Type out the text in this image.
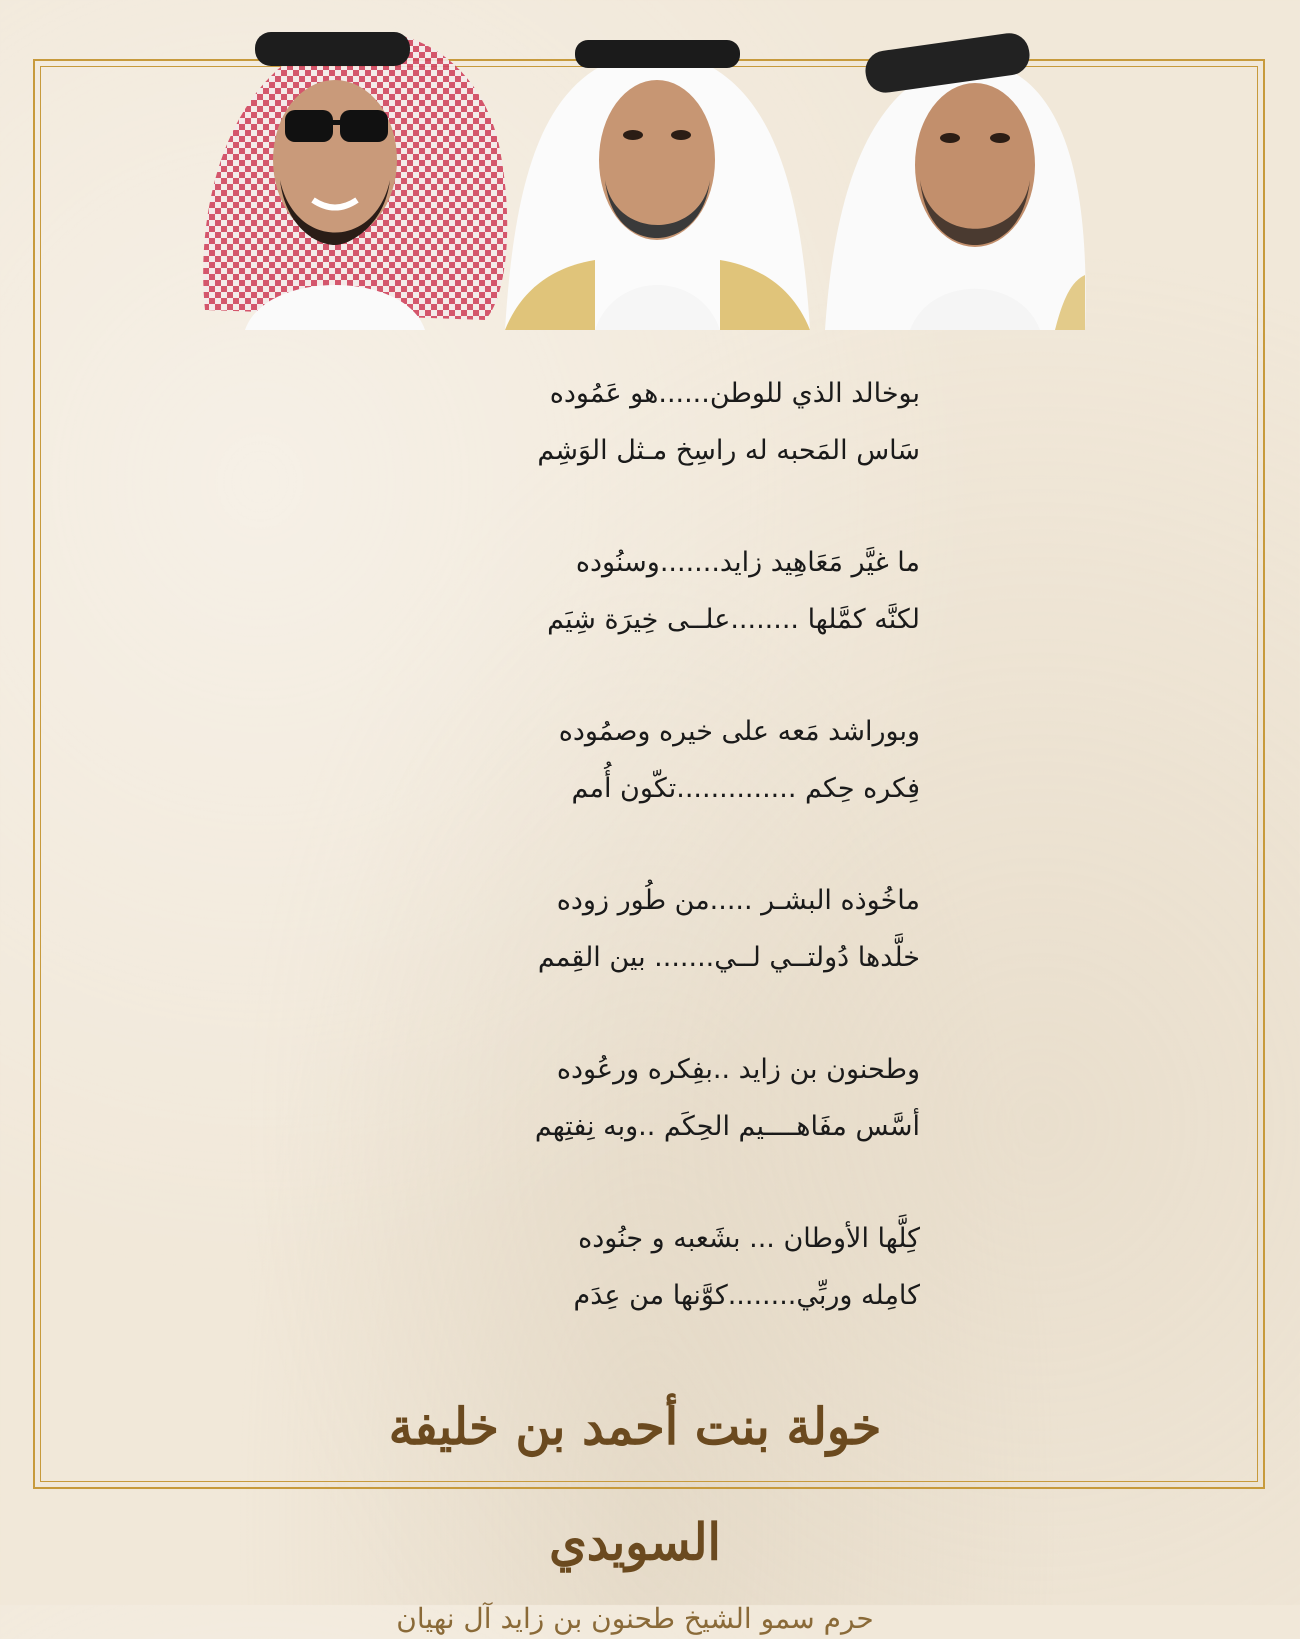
بوخالد الذي للوطن......هو عَمُوده
سَاس المَحبه له راسِخ مـثل الوَشِم
ما غيَّر مَعَاهِيد زايد.......وسنُوده
لكنَّه كمَّلها ........علــى خِيرَة شِيَم
وبوراشد مَعه على خيره وصمُوده
فِكره حِكم ..............تكّون أُمم
ماخُوذه البشـر .....من طُور زوده
خلَّدها دُولتــي لــي....... بين القِمم
وطحنون بن زايد ..بفِكره ورعُوده
أسَّس مفَاهــــيم الحِكَم ..وبه نِفتِهم
كِلَّها الأوطان ... بشَعبه و جنُوده
كامِله وربِّي........كوَّنها من عِدَم
خولة بنت أحمد بن خليفة السويدي
حرم سمو الشيخ طحنون بن زايد آل نهيان
